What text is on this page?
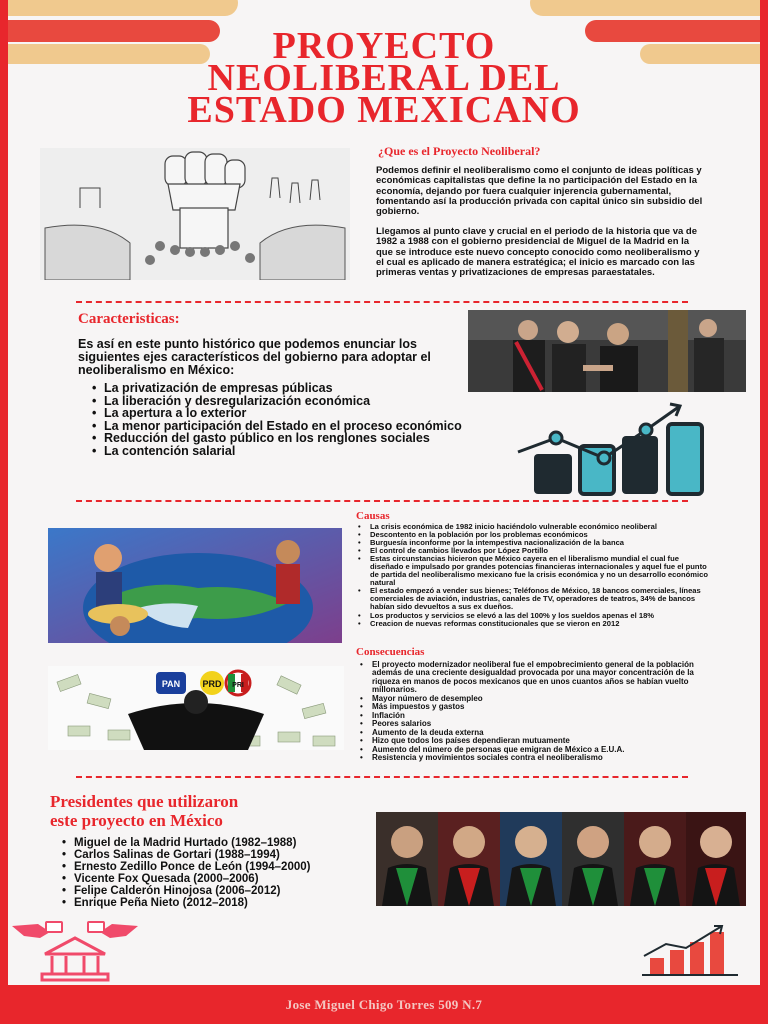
PROYECTO
NEOLIBERAL DEL
ESTADO MEXICANO
¿Que es el Proyecto Neoliberal?
Podemos definir el neoliberalismo como el conjunto de ideas políticas y económicas capitalistas que define la no participación del Estado en la economía, dejando por fuera cualquier injerencia gubernamental, fomentando así la producción privada con capital único sin subsidio del gobierno.
Llegamos al punto clave y crucial en el periodo de la historia que va de 1982 a 1988 con el gobierno presidencial de Miguel de la Madrid en la que se introduce este nuevo concepto conocido como neoliberalismo y el cual es aplicado de manera estratégica; el inicio es marcado con las primeras ventas y privatizaciones de empresas paraestatales.
Caracteristicas:
Es así en este punto histórico que podemos enunciar los siguientes ejes característicos del gobierno para adoptar el neoliberalismo en México:
• La privatización de empresas públicas
• La liberación y desregularización económica
• La apertura a lo exterior
• La menor participación del Estado en el proceso económico
• Reducción del gasto público en los renglones sociales
• La contención salarial
Causas
• La crisis económica de 1982 inicio haciéndolo vulnerable económico neoliberal
• Descontento en la población por los problemas económicos
• Burguesía inconforme por la intempestiva nacionalización de la banca
• El control de cambios llevados por López Portillo
• Estas circunstancias hicieron que México cayera en el liberalismo mundial el cual fue diseñado e impulsado por grandes potencias financieras internacionales y aquel fue el punto de partida del neoliberalismo mexicano fue la crisis económica y no un desarrollo económico natural
• El estado empezó a vender sus bienes; Teléfonos de México, 18 bancos comerciales, líneas comerciales de aviación, industrias, canales de TV, operadores de teatros, 34% de bancos habían sido devueltos a sus ex dueños.
• Los productos y servicios se elevó a las del 100% y los sueldos apenas el 18%
• Creacion de nuevas reformas constitucionales que se vieron en 2012
Consecuencias
• El proyecto modernizador neoliberal fue el empobrecimiento general de la población además de una creciente desigualdad provocada por una mayor concentración de la riqueza en manos de pocos mexicanos que en unos cuantos años se habían vuelto millonarios.
• Mayor número de desempleo
• Más impuestos y gastos
• Inflación
• Peores salarios
• Aumento de la deuda externa
• Hizo que todos los países dependieran mutuamente
• Aumento del número de personas que emigran de México a E.U.A.
• Resistencia y movimientos sociales contra el neoliberalismo
PAN PRD PRI
Presidentes que utilizaron
este proyecto en México
• Miguel de la Madrid Hurtado (1982–1988)
• Carlos Salinas de Gortari (1988–1994)
• Ernesto Zedillo Ponce de León (1994–2000)
• Vicente Fox Quesada (2000–2006)
• Felipe Calderón Hinojosa (2006–2012)
• Enrique Peña Nieto (2012–2018)
Jose Miguel Chigo Torres 509 N.7
